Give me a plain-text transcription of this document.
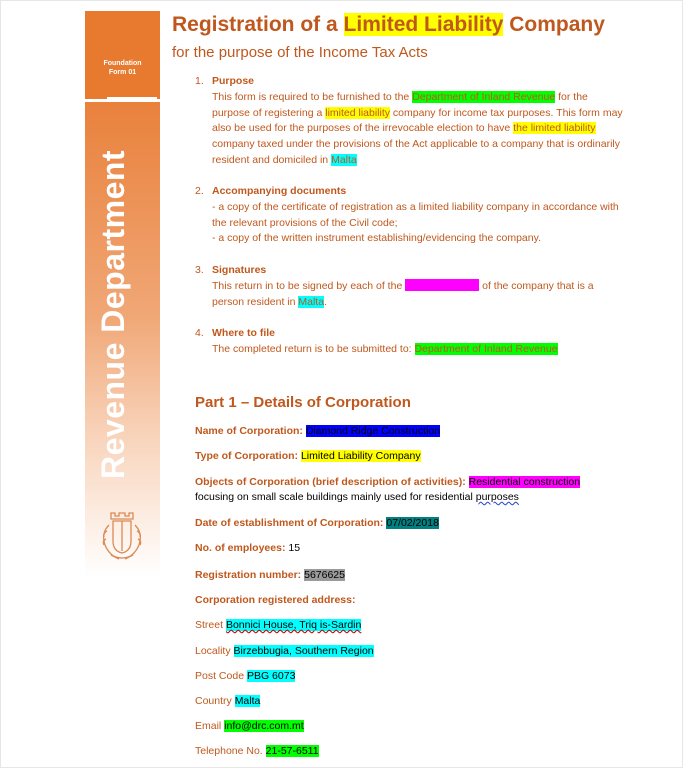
Foundation
Form 01
Revenue Department
Registration of a Limited Liability Company
for the purpose of the Income Tax Acts
1. Purpose
This form is required to be furnished to the Department of Inland Revenue for the purpose of registering a limited liability company for income tax purposes. This form may also be used for the purposes of the irrevocable election to have the limited liability company taxed under the provisions of the Act applicable to a company that is ordinarily resident and domiciled in Malta
2. Accompanying documents
- a copy of the certificate of registration as a limited liability company in accordance with the relevant provisions of the Civil code;
- a copy of the written instrument establishing/evidencing the company.
3. Signatures
This return in to be signed by each of the	of the company that is a person resident in Malta.
4. Where to file
The completed return is to be submitted to: Department of Inland Revenue
Part 1 – Details of Corporation
Name of Corporation: Diamond Ridge Construction
Type of Corporation: Limited Liability Company
Objects of Corporation (brief description of activities): Residential construction
focusing on small scale buildings mainly used for residential purposes
Date of establishment of Corporation: 07/02/2018
No. of employees: 15
Registration number: 5676625
Corporation registered address:
Street Bonnici House, Triq is-Sardin
Locality Birzebbugia, Southern Region
Post Code PBG 6073
Country Malta
Email info@drc.com.mt
Telephone No. 21-57-6511
